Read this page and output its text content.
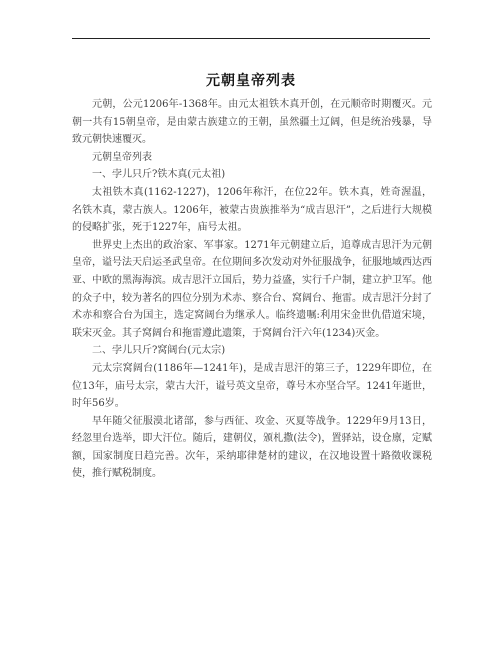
元朝皇帝列表

元朝，公元1206年-1368年。由元太祖铁木真开创，在元顺帝时期覆灭。元朝一共有15朝皇帝，是由蒙古族建立的王朝，虽然疆土辽阔，但是统治残暴，导致元朝快速覆灭。

元朝皇帝列表

一、孛儿只斤?铁木真(元太祖)

太祖铁木真(1162-1227)，1206年称汗，在位22年。铁木真，姓奇渥温，名铁木真，蒙古族人。1206年，被蒙古贵族推举为“成吉思汗”，之后进行大规模的侵略扩张，死于1227年，庙号太祖。

世界史上杰出的政治家、军事家。1271年元朝建立后，追尊成吉思汗为元朝皇帝，谥号法天启运圣武皇帝。在位期间多次发动对外征服战争，征服地域西达西亚、中欧的黑海海滨。成吉思汗立国后，势力益盛，实行千户制，建立护卫军。他的众子中，较为著名的四位分别为术赤、察合台、窝阔台、拖雷。成吉思汗分封了术赤和察合台为国主，选定窝阔台为继承人。临终遗嘱:利用宋金世仇借道宋境，联宋灭金。其子窝阔台和拖雷遵此遗策，于窝阔台汗六年(1234)灭金。

二、孛儿只斤?窝阔台(元太宗)

元太宗窝阔台(1186年—1241年)，是成吉思汗的第三子，1229年即位，在位13年，庙号太宗，蒙古大汗，谥号英文皇帝，尊号木亦坚合罕。1241年逝世，时年56岁。

早年随父征服漠北诸部，参与西征、攻金、灭夏等战争。1229年9月13日，经忽里台选举，即大汗位。随后，建朝仪，颁札撒(法令)，置驿站，设仓廪，定赋额，国家制度日趋完善。次年，采纳耶律楚材的建议，在汉地设置十路徵收课税使，推行赋税制度。
